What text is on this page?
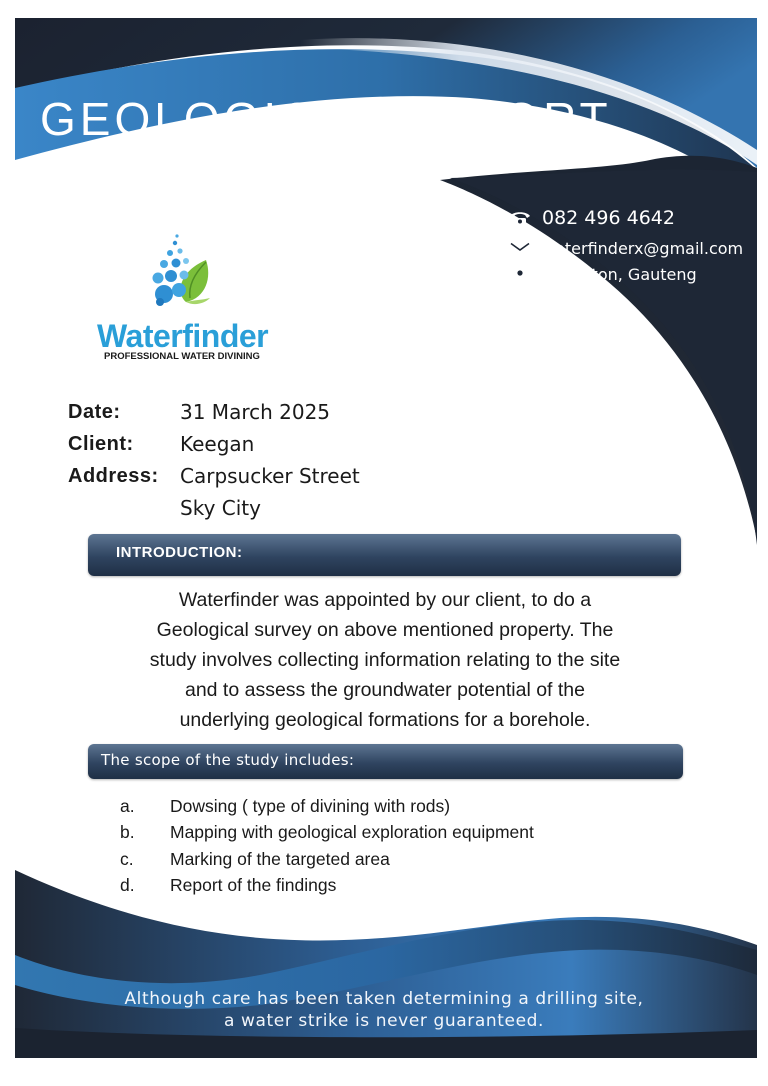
GEOLOGICAL REPORT
082 496 4642
waterfinderx@gmail.com
Meyerton, Gauteng
Waterfinder
PROFESSIONAL WATER DIVINING
Date:	31 March 2025
Client:	Keegan
Address:	Carpsucker Street
Sky City
INTRODUCTION:
Waterfinder was appointed by our client, to do a
Geological survey on above mentioned property. The
study involves collecting information relating to the site
and to assess the groundwater potential of the
underlying geological formations for a borehole.
The scope of the study includes:
a.	Dowsing ( type of divining with rods)
b.	Mapping with geological exploration equipment
c.	Marking of the targeted area
d.	Report of the findings
Although care has been taken determining a drilling site,
a water strike is never guaranteed.
